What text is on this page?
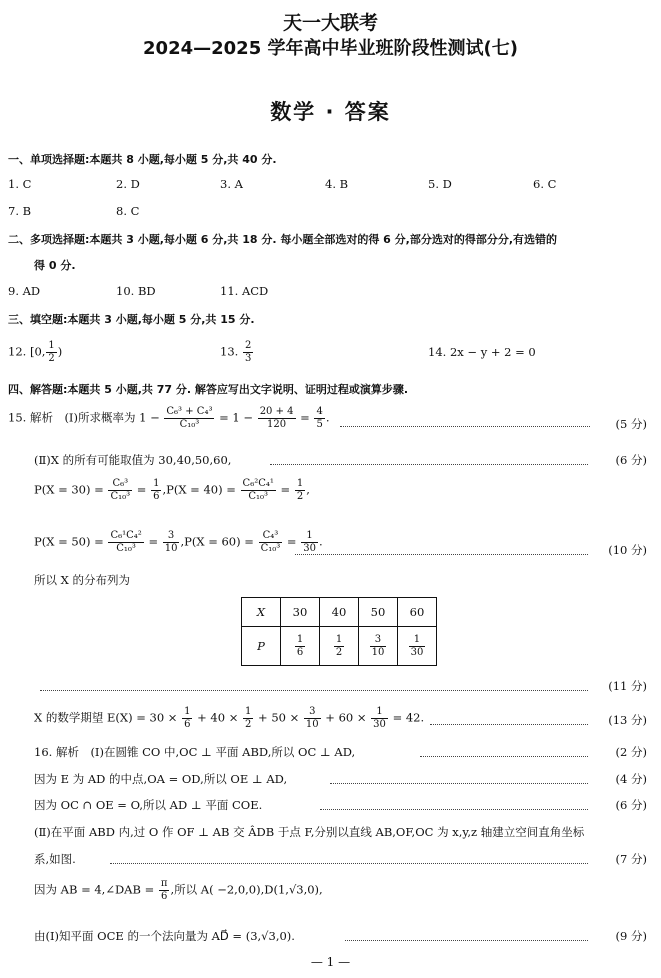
天一大联考
2024—2025 学年高中毕业班阶段性测试(七)
数学 · 答案
一、单项选择题:本题共 8 小题,每小题 5 分,共 40 分.
1. C	2. D	3. A	4. B	5. D	6. C
7. B	8. C
二、多项选择题:本题共 3 小题,每小题 6 分,共 18 分. 每小题全部选对的得 6 分,部分选对的得部分分,有选错的
得 0 分.
9. AD	10. BD	11. ACD
三、填空题:本题共 3 小题,每小题 5 分,共 15 分.
12. [0, $\frac{1}{2}$ )	13. $\frac{2}{3}$	14. 2x − y + 2 = 0
四、解答题:本题共 5 小题,共 77 分. 解答应写出文字说明、证明过程或演算步骤.
15. 解析　(Ⅰ)所求概率为 $1 - \frac{\text{C₆³ + C₄³}}{\text{C₁₀³}} = 1 - \frac{20 + 4}{120} = \frac{4}{5}$ .	(5 分)
(Ⅱ)X 的所有可能取值为 30,40,50,60,	(6 分)
$P(X = 30) = \frac{\text{C₆³}}{\text{C₁₀³}} = \frac{1}{6} ,P(X = 40) = \frac{\text{C₆²C₄¹}}{\text{C₁₀³}} = \frac{1}{2}$ ,
$P(X = 50) = \frac{\text{C₆¹C₄²}}{\text{C₁₀³}} = \frac{3}{10} ,P(X = 60) = \frac{\text{C₄³}}{\text{C₁₀³}} = \frac{1}{30}$ .
(10 分)
所以 X 的分布列为
X	30	40	50	60
P	$\frac{1}{6}$	$\frac{1}{2}$	$\frac{3}{10}$	$\frac{1}{30}$
(11 分)
X 的数学期望 $E(X) = 30 \times \frac{1}{6} + 40 \times \frac{1}{2} + 50 \times \frac{3}{10} + 60 \times \frac{1}{30} = 42$.	(13 分)
16. 解析　(Ⅰ)在圆锥 CO 中,OC ⊥ 平面 ABD,所以 OC ⊥ AD,	(2 分)
因为 E 为 AD 的中点,OA = OD,所以 OE ⊥ AD,	(4 分)
因为 OC ∩ OE = O,所以 AD ⊥ 平面 COE.	(6 分)
(Ⅱ)在平面 ABD 内,过 O 作 OF ⊥ AB 交 ÂDB 于点 F,分别以直线 AB,OF,OC 为 x,y,z 轴建立空间直角坐标
系,如图.	(7 分)
因为 AB = 4,∠DAB = $\frac{\pi}{6}$ ,所以 A( −2,0,0),D(1,√3,0),
由(Ⅰ)知平面 OCE 的一个法向量为 AD⃗ = (3,√3,0).	(9 分)
— 1 —
